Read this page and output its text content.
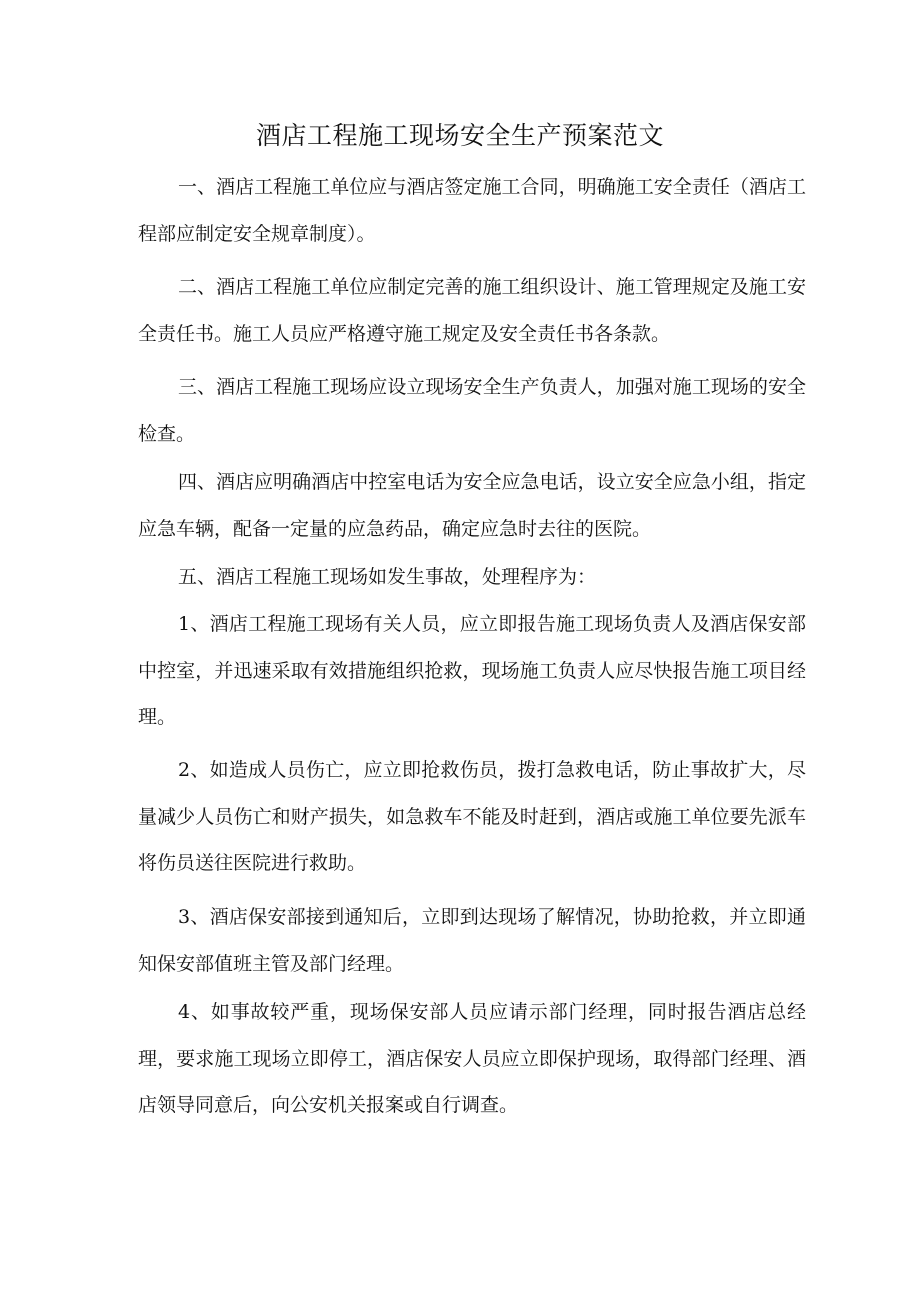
酒店工程施工现场安全生产预案范文

一、酒店工程施工单位应与酒店签定施工合同，明确施工安全责任（酒店工程部应制定安全规章制度）。

二、酒店工程施工单位应制定完善的施工组织设计、施工管理规定及施工安全责任书。施工人员应严格遵守施工规定及安全责任书各条款。

三、酒店工程施工现场应设立现场安全生产负责人，加强对施工现场的安全检查。

四、酒店应明确酒店中控室电话为安全应急电话，设立安全应急小组，指定应急车辆，配备一定量的应急药品，确定应急时去往的医院。

五、酒店工程施工现场如发生事故，处理程序为：

1、酒店工程施工现场有关人员，应立即报告施工现场负责人及酒店保安部中控室，并迅速采取有效措施组织抢救，现场施工负责人应尽快报告施工项目经理。

2、如造成人员伤亡，应立即抢救伤员，拨打急救电话，防止事故扩大，尽量减少人员伤亡和财产损失，如急救车不能及时赶到，酒店或施工单位要先派车将伤员送往医院进行救助。

3、酒店保安部接到通知后，立即到达现场了解情况，协助抢救，并立即通知保安部值班主管及部门经理。

4、如事故较严重，现场保安部人员应请示部门经理，同时报告酒店总经理，要求施工现场立即停工，酒店保安人员应立即保护现场，取得部门经理、酒店领导同意后，向公安机关报案或自行调查。
